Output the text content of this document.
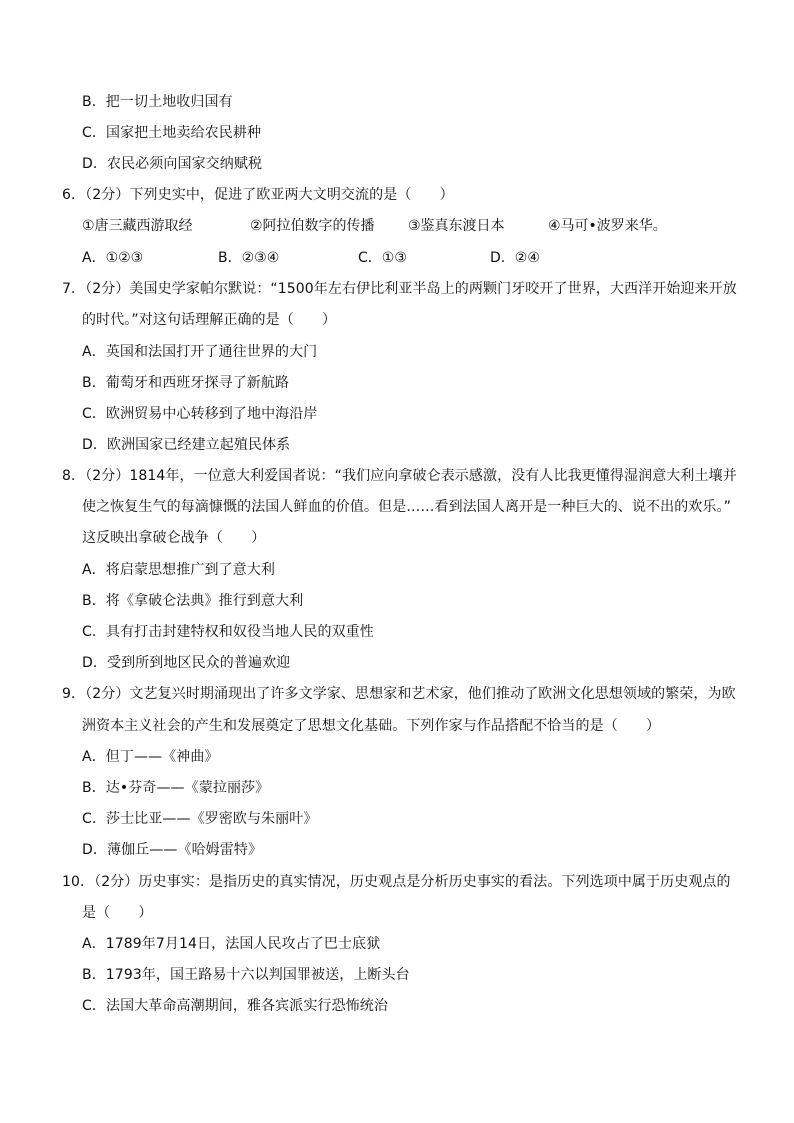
B．把一切土地收归国有
C．国家把土地卖给农民耕种
D．农民必须向国家交纳赋税
6．（2分）下列史实中，促进了欧亚两大文明交流的是（　　）
①唐三藏西游取经	②阿拉伯数字的传播 ③鉴真东渡日本	④马可•波罗来华。
A．①②③	B．②③④	C．①③	D．②④
7．（2分）美国史学家帕尔默说：“1500年左右伊比利亚半岛上的两颗门牙咬开了世界，大西洋开始迎来开放
的时代。”对这句话理解正确的是（　　）
A．英国和法国打开了通往世界的大门
B．葡萄牙和西班牙探寻了新航路
C．欧洲贸易中心转移到了地中海沿岸
D．欧洲国家已经建立起殖民体系
8．（2分）1814年，一位意大利爱国者说：“我们应向拿破仑表示感激，没有人比我更懂得湿润意大利土壤并
使之恢复生气的每滴慷慨的法国人鲜血的价值。但是……看到法国人离开是一种巨大的、说不出的欢乐。”
这反映出拿破仑战争（　　）
A．将启蒙思想推广到了意大利
B．将《拿破仑法典》推行到意大利
C．具有打击封建特权和奴役当地人民的双重性
D．受到所到地区民众的普遍欢迎
9．（2分）文艺复兴时期涌现出了许多文学家、思想家和艺术家，他们推动了欧洲文化思想领域的繁荣，为欧
洲资本主义社会的产生和发展奠定了思想文化基础。下列作家与作品搭配不恰当的是（　　）
A．但丁——《神曲》
B．达•芬奇——《蒙拉丽莎》
C．莎士比亚——《罗密欧与朱丽叶》
D．薄伽丘——《哈姆雷特》
10．（2分）历史事实：是指历史的真实情况，历史观点是分析历史事实的看法。下列选项中属于历史观点的
是（　　）
A．1789年7月14日，法国人民攻占了巴士底狱
B．1793年，国王路易十六以判国罪被送，上断头台
C．法国大革命高潮期间，雅各宾派实行恐怖统治
